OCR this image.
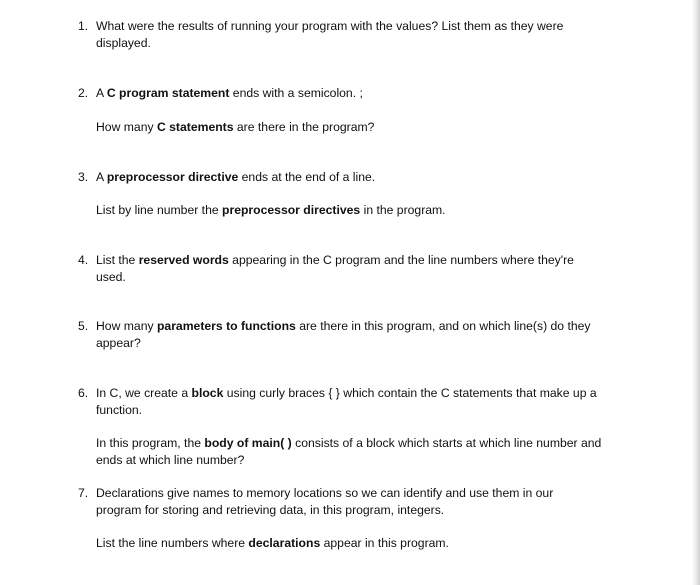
1. What were the results of running your program with the values? List them as they were displayed.

2. A C program statement ends with a semicolon. ;

How many C statements are there in the program?

3. A preprocessor directive ends at the end of a line.

List by line number the preprocessor directives in the program.

4. List the reserved words appearing in the C program and the line numbers where they're used.

5. How many parameters to functions are there in this program, and on which line(s) do they appear?

6. In C, we create a block using curly braces { } which contain the C statements that make up a function.

In this program, the body of main( ) consists of a block which starts at which line number and ends at which line number?

7. Declarations give names to memory locations so we can identify and use them in our program for storing and retrieving data, in this program, integers.

List the line numbers where declarations appear in this program.
